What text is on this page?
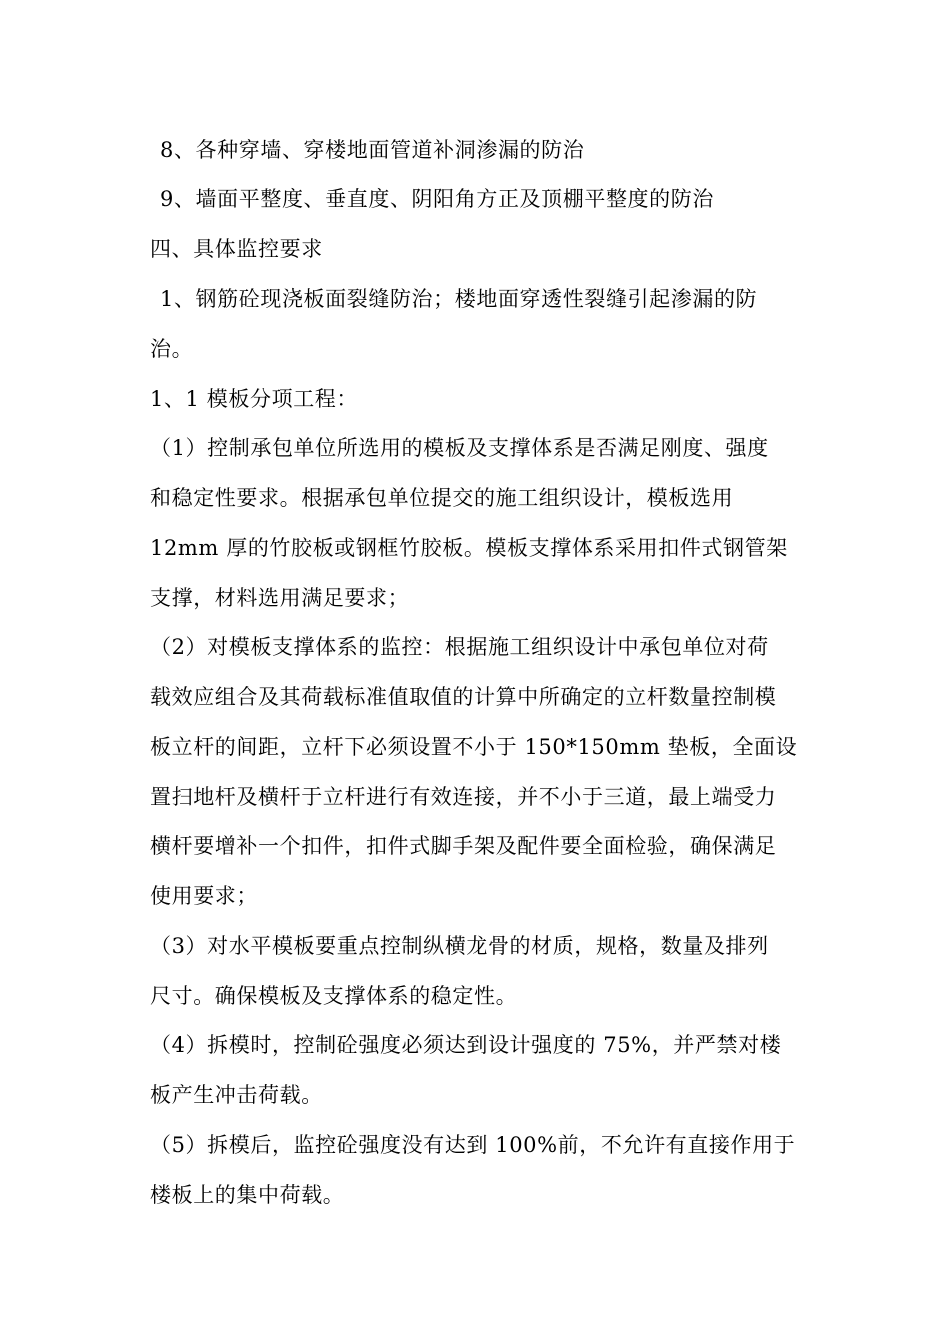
8、各种穿墙、穿楼地面管道补洞渗漏的防治
9、墙面平整度、垂直度、阴阳角方正及顶棚平整度的防治
四、具体监控要求
1、钢筋砼现浇板面裂缝防治；楼地面穿透性裂缝引起渗漏的防
治。
1、1 模板分项工程：
（1）控制承包单位所选用的模板及支撑体系是否满足刚度、强度
和稳定性要求。根据承包单位提交的施工组织设计，模板选用
12mm 厚的竹胶板或钢框竹胶板。模板支撑体系采用扣件式钢管架
支撑，材料选用满足要求；
（2）对模板支撑体系的监控：根据施工组织设计中承包单位对荷
载效应组合及其荷载标准值取值的计算中所确定的立杆数量控制模
板立杆的间距，立杆下必须设置不小于 150*150mm 垫板，全面设
置扫地杆及横杆于立杆进行有效连接，并不小于三道，最上端受力
横杆要增补一个扣件，扣件式脚手架及配件要全面检验，确保满足
使用要求；
（3）对水平模板要重点控制纵横龙骨的材质，规格，数量及排列
尺寸。确保模板及支撑体系的稳定性。
（4）拆模时，控制砼强度必须达到设计强度的 75%，并严禁对楼
板产生冲击荷载。
（5）拆模后，监控砼强度没有达到 100%前，不允许有直接作用于
楼板上的集中荷载。
